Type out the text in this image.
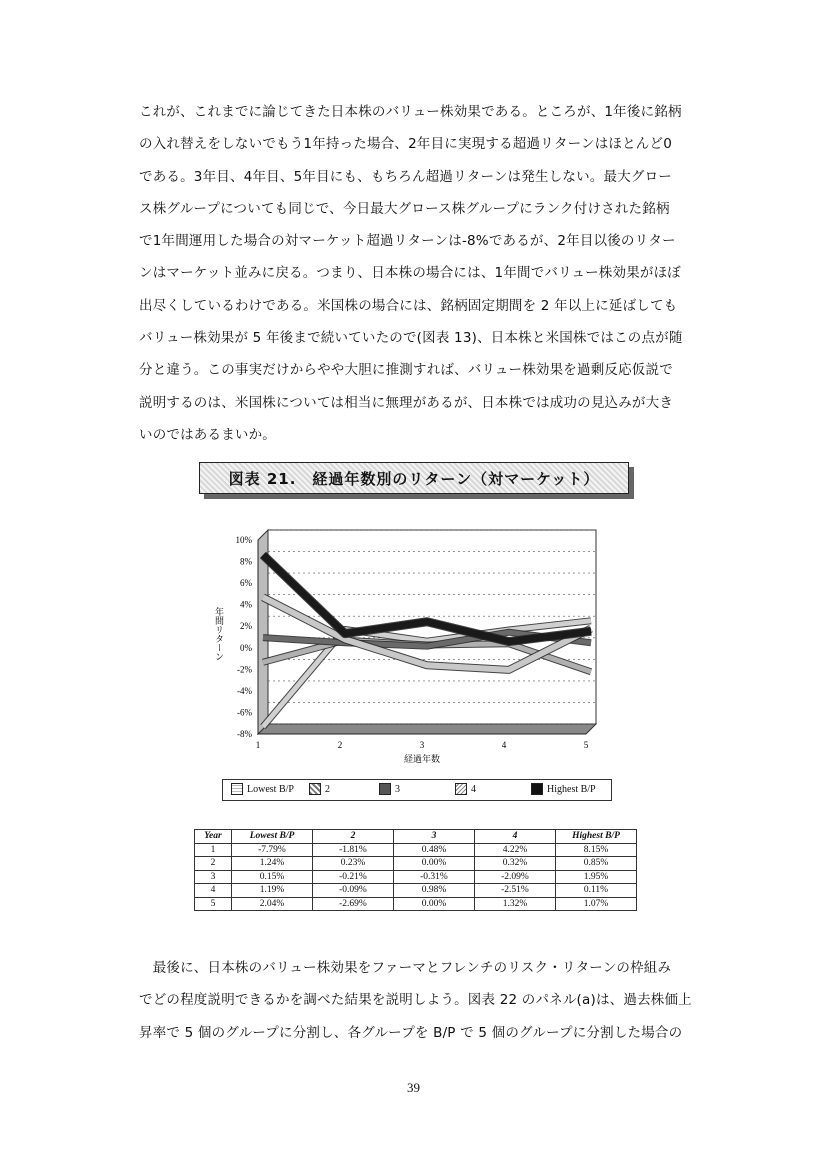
これが、これまでに論じてきた日本株のバリュー株効果である。ところが、1年後に銘柄
の入れ替えをしないでもう1年持った場合、2年目に実現する超過リターンはほとんど0
である。3年目、4年目、5年目にも、もちろん超過リターンは発生しない。最大グロー
ス株グループについても同じで、今日最大グロース株グループにランク付けされた銘柄
で1年間運用した場合の対マーケット超過リターンは-8%であるが、2年目以後のリター
ンはマーケット並みに戻る。つまり、日本株の場合には、1年間でバリュー株効果がほぼ
出尽くしているわけである。米国株の場合には、銘柄固定期間を 2 年以上に延ばしても
バリュー株効果が 5 年後まで続いていたので(図表 13)、日本株と米国株ではこの点が随
分と違う。この事実だけからやや大胆に推測すれば、バリュー株効果を過剰反応仮説で
説明するのは、米国株については相当に無理があるが、日本株では成功の見込みが大き
いのではあるまいか。
図表 21.　経過年数別のリターン（対マーケット）
10%
8%
6%
4%
2%
0%
-2%
-4%
-6%
-8%
1	2	3	4	5
経過年数
年間リターン
Lowest B/P	2	3	4	Highest B/P
Year	Lowest B/P	2	3	4	Highest B/P
1	-7.79%	-1.81%	0.48%	4.22%	8.15%
2	1.24%	0.23%	0.00%	0.32%	0.85%
3	0.15%	-0.21%	-0.31%	-2.09%	1.95%
4	1.19%	-0.09%	0.98%	-2.51%	0.11%
5	2.04%	-2.69%	0.00%	1.32%	1.07%
　最後に、日本株のバリュー株効果をファーマとフレンチのリスク・リターンの枠組み
でどの程度説明できるかを調べた結果を説明しよう。図表 22 のパネル(a)は、過去株価上
昇率で 5 個のグループに分割し、各グループを B/P で 5 個のグループに分割した場合の
39
